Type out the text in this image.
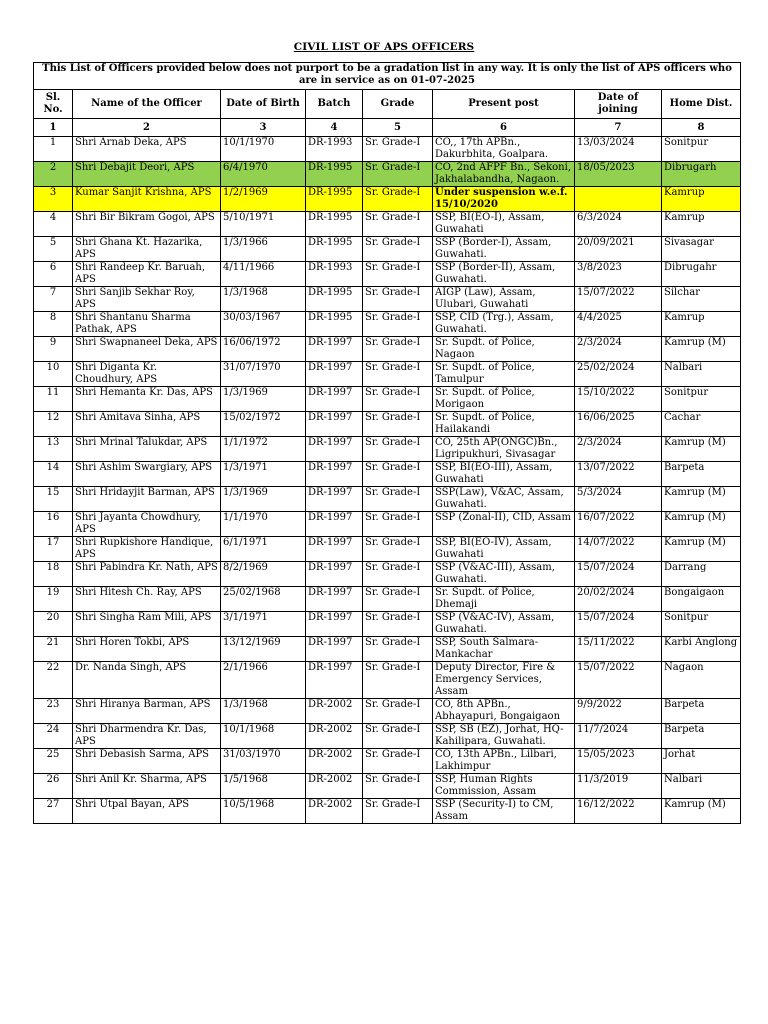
CIVIL LIST OF APS OFFICERS
This List of Officers provided below does not purport to be a gradation list in any way. It is only the list of APS officers who are in service as on 01-07-2025							
Sl. No.	Name of the Officer	Date of Birth	Batch	Grade	Present post	Date of joining	Home Dist.
1	2	3	4	5	6	7	8
1	Shri Arnab Deka, APS	10/1/1970	DR-1993	Sr. Grade-I	CO,, 17th APBn., Dakurbhita, Goalpara.	13/03/2024	Sonitpur
2	Shri Debajit Deori, APS	6/4/1970	DR-1995	Sr. Grade-I	CO, 2nd AFPF Bn., Sekoni, Jakhalabandha, Nagaon.	18/05/2023	Dibrugarh
3	Kumar Sanjit Krishna, APS	1/2/1969	DR-1995	Sr. Grade-I	Under suspension w.e.f. 15/10/2020		Kamrup
4	Shri Bir Bikram Gogoi, APS	5/10/1971	DR-1995	Sr. Grade-I	SSP, BI(EO-I), Assam, Guwahati	6/3/2024	Kamrup
5	Shri Ghana Kt. Hazarika, APS	1/3/1966	DR-1995	Sr. Grade-I	SSP (Border-I), Assam, Guwahati.	20/09/2021	Sivasagar
6	Shri Randeep Kr. Baruah, APS	4/11/1966	DR-1993	Sr. Grade-I	SSP (Border-II), Assam, Guwahati.	3/8/2023	Dibrugahr
7	Shri Sanjib Sekhar Roy, APS	1/3/1968	DR-1995	Sr. Grade-I	AIGP (Law), Assam, Ulubari, Guwahati	15/07/2022	Silchar
8	Shri Shantanu Sharma Pathak, APS	30/03/1967	DR-1995	Sr. Grade-I	SSP, CID (Trg.), Assam, Guwahati.	4/4/2025	Kamrup
9	Shri Swapnaneel Deka, APS	16/06/1972	DR-1997	Sr. Grade-I	Sr. Supdt. of Police, Nagaon	2/3/2024	Kamrup (M)
10	Shri Diganta Kr. Choudhury, APS	31/07/1970	DR-1997	Sr. Grade-I	Sr. Supdt. of Police, Tamulpur	25/02/2024	Nalbari
11	Shri Hemanta Kr. Das, APS	1/3/1969	DR-1997	Sr. Grade-I	Sr. Supdt. of Police, Morigaon	15/10/2022	Sonitpur
12	Shri Amitava Sinha, APS	15/02/1972	DR-1997	Sr. Grade-I	Sr. Supdt. of Police, Hailakandi	16/06/2025	Cachar
13	Shri Mrinal Talukdar, APS	1/1/1972	DR-1997	Sr. Grade-I	CO, 25th AP(ONGC)Bn., Ligripukhuri, Sivasagar	2/3/2024	Kamrup (M)
14	Shri Ashim Swargiary, APS	1/3/1971	DR-1997	Sr. Grade-I	SSP, BI(EO-III), Assam, Guwahati	13/07/2022	Barpeta
15	Shri Hridayjit Barman, APS	1/3/1969	DR-1997	Sr. Grade-I	SSP(Law), V&AC, Assam, Guwahati.	5/3/2024	Kamrup (M)
16	Shri Jayanta Chowdhury, APS	1/1/1970	DR-1997	Sr. Grade-I	SSP (Zonal-II), CID, Assam	16/07/2022	Kamrup (M)
17	Shri Rupkishore Handique, APS	6/1/1971	DR-1997	Sr. Grade-I	SSP, BI(EO-IV), Assam, Guwahati	14/07/2022	Kamrup (M)
18	Shri Pabindra Kr. Nath, APS	8/2/1969	DR-1997	Sr. Grade-I	SSP (V&AC-III), Assam, Guwahati.	15/07/2024	Darrang
19	Shri Hitesh Ch. Ray, APS	25/02/1968	DR-1997	Sr. Grade-I	Sr. Supdt. of Police, Dhemaji	20/02/2024	Bongaigaon
20	Shri Singha Ram Mili, APS	3/1/1971	DR-1997	Sr. Grade-I	SSP (V&AC-IV), Assam, Guwahati.	15/07/2024	Sonitpur
21	Shri Horen Tokbi, APS	13/12/1969	DR-1997	Sr. Grade-I	SSP, South Salmara-Mankachar	15/11/2022	Karbi Anglong
22	Dr. Nanda Singh, APS	2/1/1966	DR-1997	Sr. Grade-I	Deputy Director, Fire & Emergency Services, Assam	15/07/2022	Nagaon
23	Shri Hiranya Barman, APS	1/3/1968	DR-2002	Sr. Grade-I	CO, 8th APBn., Abhayapuri, Bongaigaon	9/9/2022	Barpeta
24	Shri Dharmendra Kr. Das, APS	10/1/1968	DR-2002	Sr. Grade-I	SSP, SB (EZ), Jorhat, HQ-Kahilipara, Guwahati.	11/7/2024	Barpeta
25	Shri Debasish Sarma, APS	31/03/1970	DR-2002	Sr. Grade-I	CO, 13th APBn., Lilbari, Lakhimpur	15/05/2023	Jorhat
26	Shri Anil Kr. Sharma, APS	1/5/1968	DR-2002	Sr. Grade-I	SSP, Human Rights Commission, Assam	11/3/2019	Nalbari
27	Shri Utpal Bayan, APS	10/5/1968	DR-2002	Sr. Grade-I	SSP (Security-I) to CM, Assam	16/12/2022	Kamrup (M)
